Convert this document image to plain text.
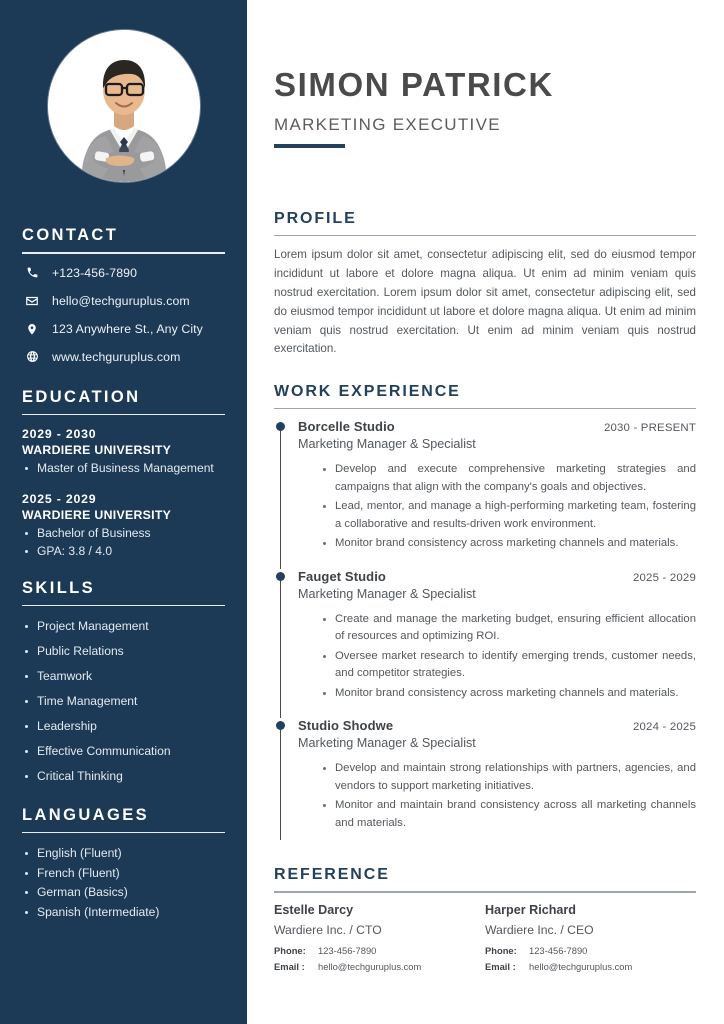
CONTACT
+123-456-7890
hello@techguruplus.com
123 Anywhere St., Any City
www.techguruplus.com
EDUCATION
2029 - 2030
WARDIERE UNIVERSITY
Master of Business Management
2025 - 2029
WARDIERE UNIVERSITY
Bachelor of Business
GPA: 3.8 / 4.0
SKILLS
Project Management
Public Relations
Teamwork
Time Management
Leadership
Effective Communication
Critical Thinking
LANGUAGES
English (Fluent)
French (Fluent)
German (Basics)
Spanish (Intermediate)
SIMON PATRICK
MARKETING EXECUTIVE
PROFILE

Lorem ipsum dolor sit amet, consectetur adipiscing elit, sed do eiusmod tempor incididunt ut labore et dolore magna aliqua. Ut enim ad minim veniam quis nostrud exercitation. Lorem ipsum dolor sit amet, consectetur adipiscing elit, sed do eiusmod tempor incididunt ut labore et dolore magna aliqua. Ut enim ad minim veniam quis nostrud exercitation. Ut enim ad minim veniam quis nostrud exercitation.

WORK EXPERIENCE
Borcelle Studio	2030 - PRESENT
Marketing Manager & Specialist
Develop and execute comprehensive marketing strategies and campaigns that align with the company's goals and objectives.
Lead, mentor, and manage a high-performing marketing team, fostering a collaborative and results-driven work environment.
Monitor brand consistency across marketing channels and materials.
Fauget Studio	2025 - 2029
Marketing Manager & Specialist
Create and manage the marketing budget, ensuring efficient allocation of resources and optimizing ROI.
Oversee market research to identify emerging trends, customer needs, and competitor strategies.
Monitor brand consistency across marketing channels and materials.
Studio Shodwe	2024 - 2025
Marketing Manager & Specialist
Develop and maintain strong relationships with partners, agencies, and vendors to support marketing initiatives.
Monitor and maintain brand consistency across all marketing channels and materials.
REFERENCE
Estelle Darcy
Wardiere Inc. / CTO
Phone:	123-456-7890
Email :	hello@techguruplus.com
Harper Richard
Wardiere Inc. / CEO
Phone:	123-456-7890
Email :	hello@techguruplus.com
